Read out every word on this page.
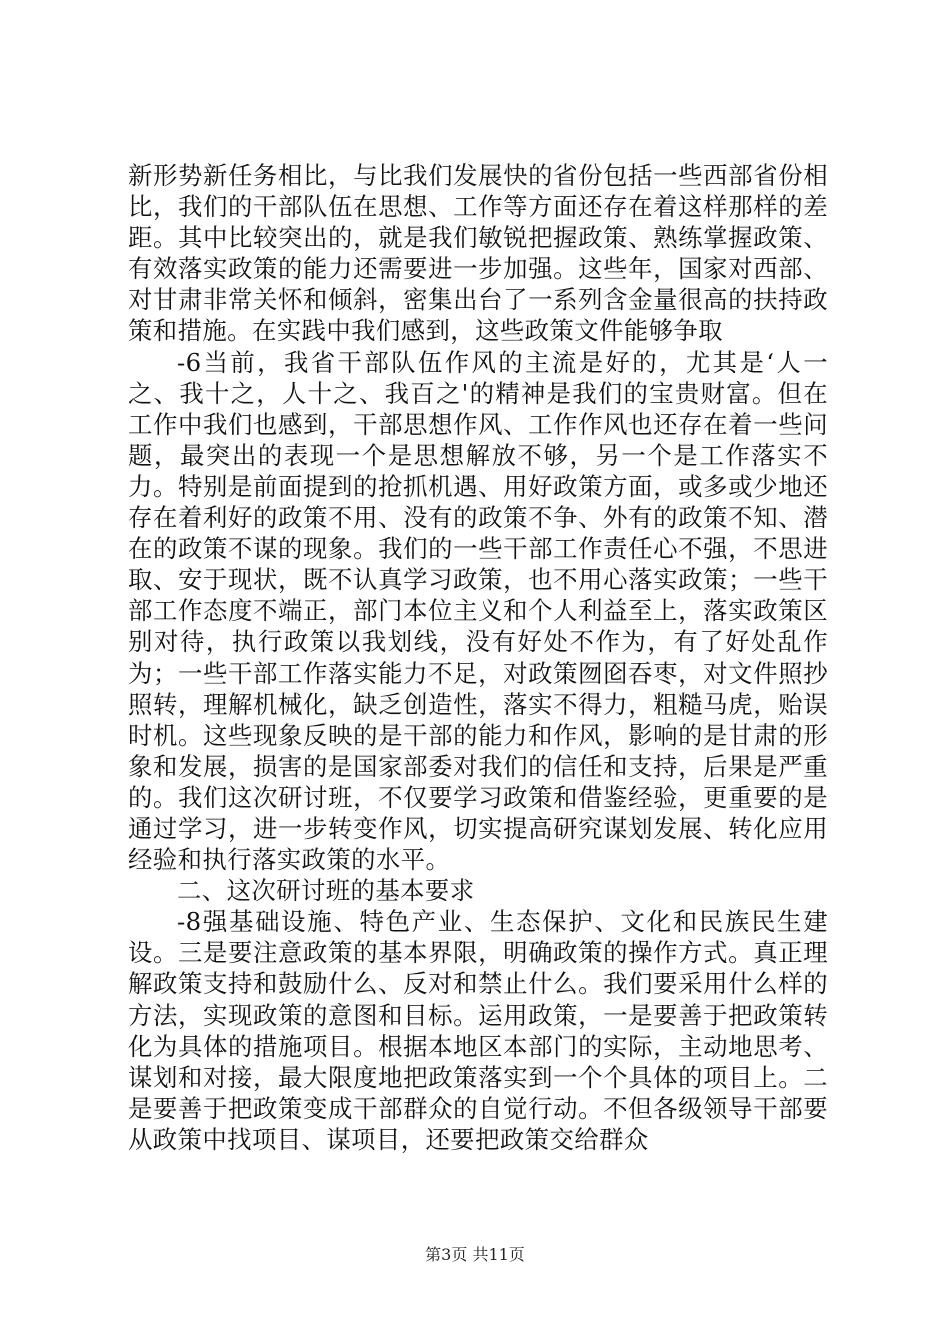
新形势新任务相比，与比我们发展快的省份包括一些西部省份相比，我们的干部队伍在思想、工作等方面还存在着这样那样的差距。其中比较突出的，就是我们敏锐把握政策、熟练掌握政策、有效落实政策的能力还需要进一步加强。这些年，国家对西部、对甘肃非常关怀和倾斜，密集出台了一系列含金量很高的扶持政策和措施。在实践中我们感到，这些政策文件能够争取

-6当前，我省干部队伍作风的主流是好的，尤其是‘人一之、我十之，人十之、我百之'的精神是我们的宝贵财富。但在工作中我们也感到，干部思想作风、工作作风也还存在着一些问题，最突出的表现一个是思想解放不够，另一个是工作落实不力。特别是前面提到的抢抓机遇、用好政策方面，或多或少地还存在着利好的政策不用、没有的政策不争、外有的政策不知、潜在的政策不谋的现象。我们的一些干部工作责任心不强，不思进取、安于现状，既不认真学习政策，也不用心落实政策；一些干部工作态度不端正，部门本位主义和个人利益至上，落实政策区别对待，执行政策以我划线，没有好处不作为，有了好处乱作为；一些干部工作落实能力不足，对政策囫囵吞枣，对文件照抄照转，理解机械化，缺乏创造性，落实不得力，粗糙马虎，贻误时机。这些现象反映的是干部的能力和作风，影响的是甘肃的形象和发展，损害的是国家部委对我们的信任和支持，后果是严重的。我们这次研讨班，不仅要学习政策和借鉴经验，更重要的是通过学习，进一步转变作风，切实提高研究谋划发展、转化应用经验和执行落实政策的水平。

二、这次研讨班的基本要求

-8强基础设施、特色产业、生态保护、文化和民族民生建设。三是要注意政策的基本界限，明确政策的操作方式。真正理解政策支持和鼓励什么、反对和禁止什么。我们要采用什么样的方法，实现政策的意图和目标。运用政策，一是要善于把政策转化为具体的措施项目。根据本地区本部门的实际，主动地思考、谋划和对接，最大限度地把政策落实到一个个具体的项目上。二是要善于把政策变成干部群众的自觉行动。不但各级领导干部要从政策中找项目、谋项目，还要把政策交给群众

第3页 共11页
